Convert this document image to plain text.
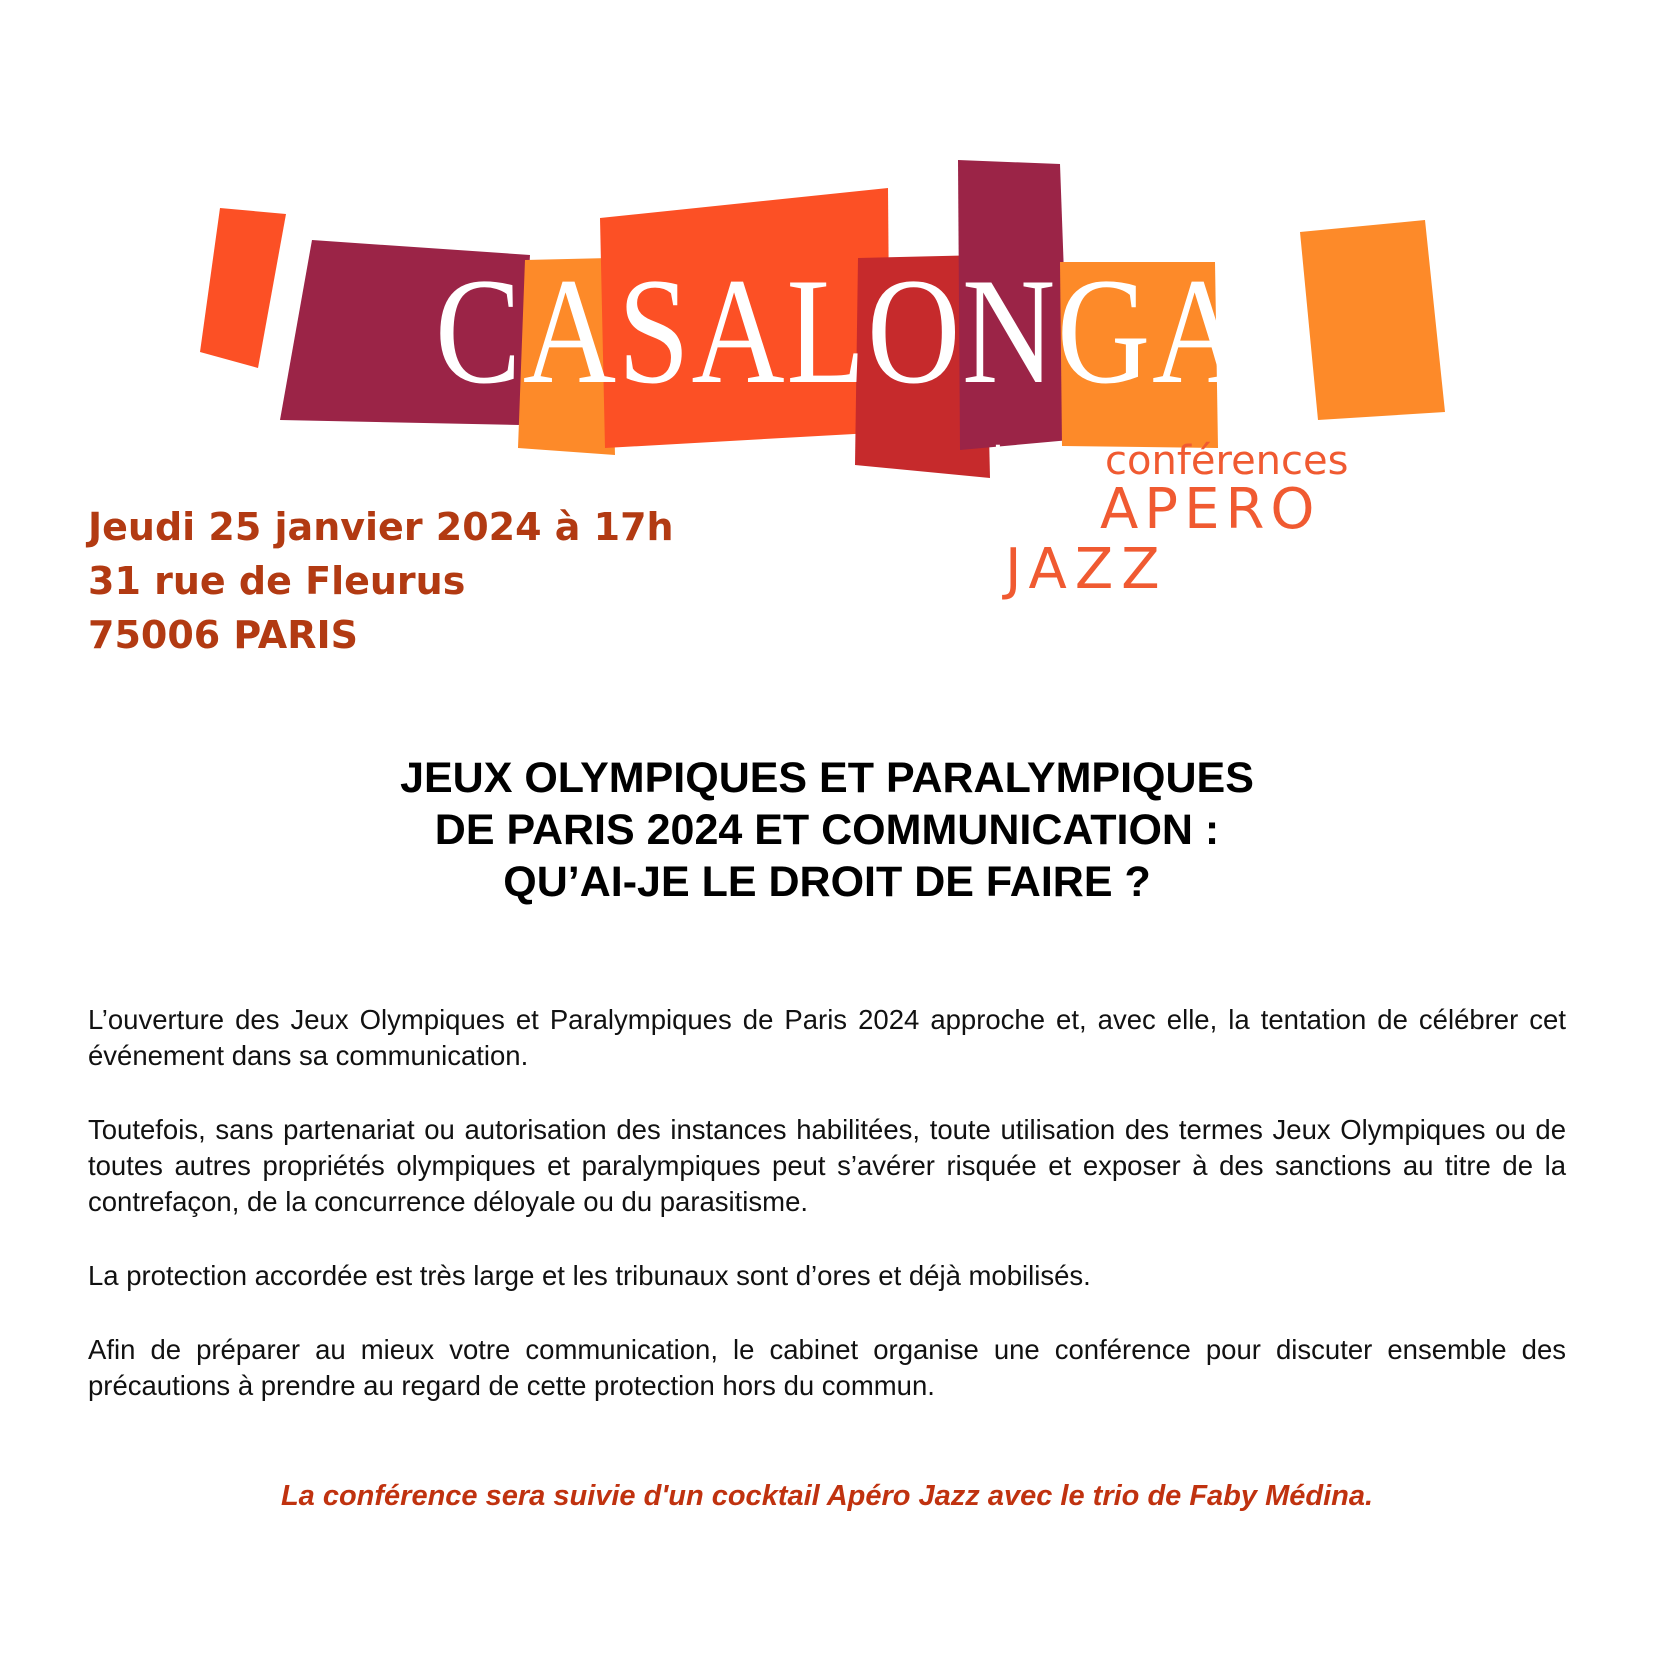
CASALONGA
Les conférences
APERO
JAZZ
Jeudi 25 janvier 2024 à 17h
31 rue de Fleurus
75006 PARIS
JEUX OLYMPIQUES ET PARALYMPIQUES
DE PARIS 2024 ET COMMUNICATION :
QU’AI-JE LE DROIT DE FAIRE ?

L’ouverture des Jeux Olympiques et Paralympiques de Paris 2024 approche et, avec elle, la tentation de célébrer cet événement dans sa communication.

Toutefois, sans partenariat ou autorisation des instances habilitées, toute utilisation des termes Jeux Olympiques ou de toutes autres propriétés olympiques et paralympiques peut s’avérer risquée et exposer à des sanctions au titre de la contrefaçon, de la concurrence déloyale ou du parasitisme.

La protection accordée est très large et les tribunaux sont d’ores et déjà mobilisés.

Afin de préparer au mieux votre communication, le cabinet organise une conférence pour discuter ensemble des précautions à prendre au regard de cette protection hors du commun.

La conférence sera suivie d'un cocktail Apéro Jazz avec le trio de Faby Médina.
